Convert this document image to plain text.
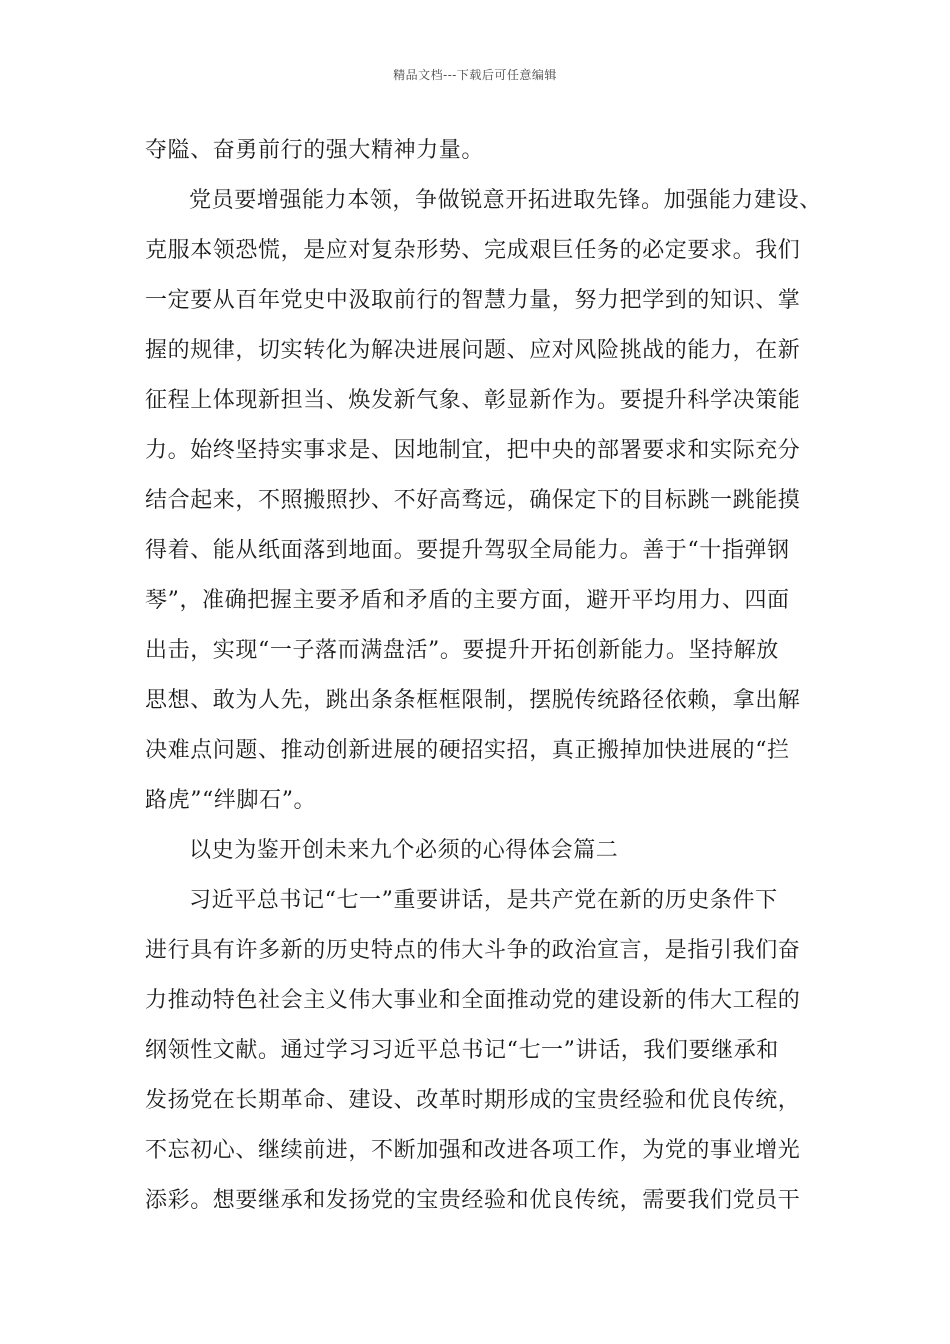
精品文档---下载后可任意编辑
夺隘、奋勇前行的强大精神力量。
党员要增强能力本领，争做锐意开拓进取先锋。加强能力建设、
克服本领恐慌，是应对复杂形势、完成艰巨任务的必定要求。我们
一定要从百年党史中汲取前行的智慧力量，努力把学到的知识、掌
握的规律，切实转化为解决进展问题、应对风险挑战的能力，在新
征程上体现新担当、焕发新气象、彰显新作为。要提升科学决策能
力。始终坚持实事求是、因地制宜，把中央的部署要求和实际充分
结合起来，不照搬照抄、不好高骛远，确保定下的目标跳一跳能摸
得着、能从纸面落到地面。要提升驾驭全局能力。善于“十指弹钢
琴”，准确把握主要矛盾和矛盾的主要方面，避开平均用力、四面
出击，实现“一子落而满盘活”。要提升开拓创新能力。坚持解放
思想、敢为人先，跳出条条框框限制，摆脱传统路径依赖，拿出解
决难点问题、推动创新进展的硬招实招，真正搬掉加快进展的“拦
路虎”“绊脚石”。
以史为鉴开创未来九个必须的心得体会篇二
习近平总书记“七一”重要讲话，是共产党在新的历史条件下
进行具有许多新的历史特点的伟大斗争的政治宣言，是指引我们奋
力推动特色社会主义伟大事业和全面推动党的建设新的伟大工程的
纲领性文献。通过学习习近平总书记“七一”讲话，我们要继承和
发扬党在长期革命、建设、改革时期形成的宝贵经验和优良传统，
不忘初心、继续前进，不断加强和改进各项工作，为党的事业增光
添彩。想要继承和发扬党的宝贵经验和优良传统，需要我们党员干
